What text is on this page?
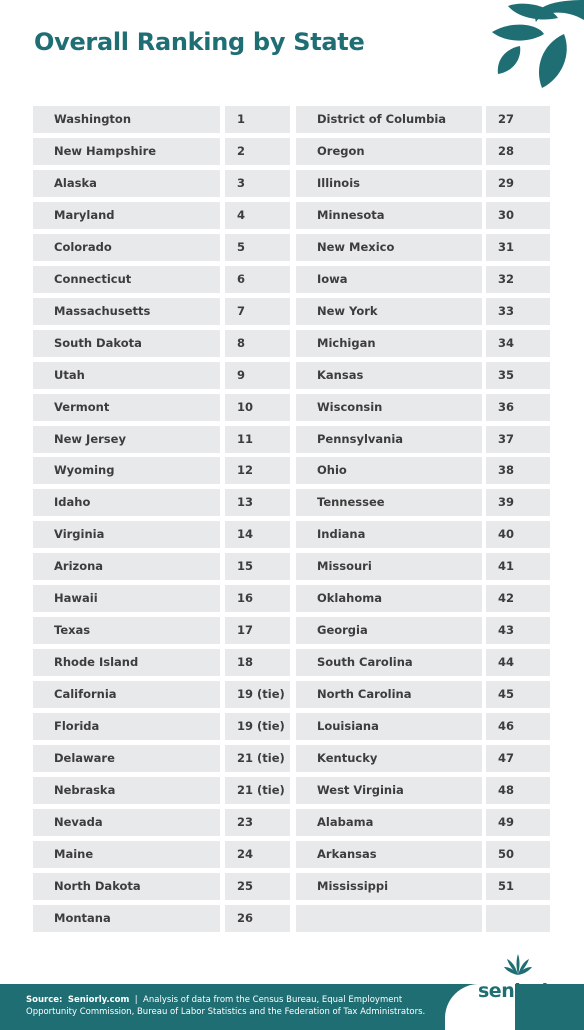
Overall Ranking by State
Washington	1
New Hampshire	2
Alaska	3
Maryland	4
Colorado	5
Connecticut	6
Massachusetts	7
South Dakota	8
Utah	9
Vermont	10
New Jersey	11
Wyoming	12
Idaho	13
Virginia	14
Arizona	15
Hawaii	16
Texas	17
Rhode Island	18
California	19 (tie)
Florida	19 (tie)
Delaware	21 (tie)
Nebraska	21 (tie)
Nevada	23
Maine	24
North Dakota	25
Montana	26
District of Columbia	27
Oregon	28
Illinois	29
Minnesota	30
New Mexico	31
Iowa	32
New York	33
Michigan	34
Kansas	35
Wisconsin	36
Pennsylvania	37
Ohio	38
Tennessee	39
Indiana	40
Missouri	41
Oklahoma	42
Georgia	43
South Carolina	44
North Carolina	45
Louisiana	46
Kentucky	47
West Virginia	48
Alabama	49
Arkansas	50
Mississippi	51
Source: Seniorly.com | Analysis of data from the Census Bureau, Equal Employment Opportunity Commission, Bureau of Labor Statistics and the Federation of Tax Administrators.
seniorly
